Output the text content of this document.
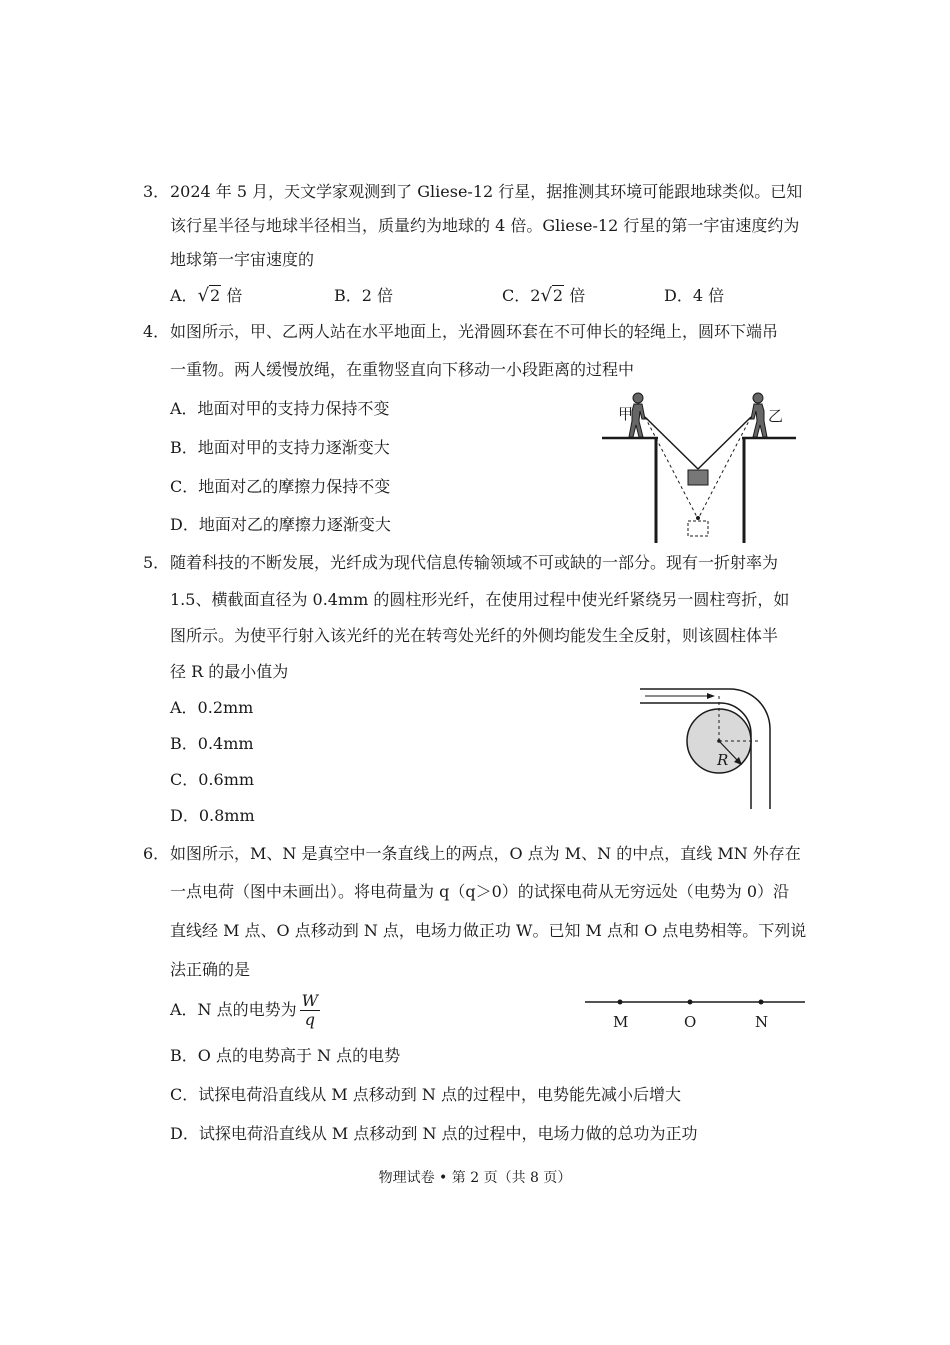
3． 2024 年 5 月，天文学家观测到了 Gliese-12 行星，据推测其环境可能跟地球类似。已知
该行星半径与地球半径相当，质量约为地球的 4 倍。Gliese-12 行星的第一宇宙速度约为
地球第一宇宙速度的
A．√2 倍	B．2 倍	C．2√2 倍	D．4 倍
4． 如图所示，甲、乙两人站在水平地面上，光滑圆环套在不可伸长的轻绳上，圆环下端吊
一重物。两人缓慢放绳，在重物竖直向下移动一小段距离的过程中
A．地面对甲的支持力保持不变
B．地面对甲的支持力逐渐变大
C．地面对乙的摩擦力保持不变
D．地面对乙的摩擦力逐渐变大
甲	乙
5． 随着科技的不断发展，光纤成为现代信息传输领域不可或缺的一部分。现有一折射率为
1.5、横截面直径为 0.4mm 的圆柱形光纤，在使用过程中使光纤紧绕另一圆柱弯折，如
图所示。为使平行射入该光纤的光在转弯处光纤的外侧均能发生全反射，则该圆柱体半
径 R 的最小值为
A．0.2mm
B．0.4mm
C．0.6mm
D．0.8mm
R
6． 如图所示，M、N 是真空中一条直线上的两点，O 点为 M、N 的中点，直线 MN 外存在
一点电荷（图中未画出）。将电荷量为 q（q＞0）的试探电荷从无穷远处（电势为 0）沿
直线经 M 点、O 点移动到 N 点，电场力做正功 W。已知 M 点和 O 点电势相等。下列说
法正确的是
A．N 点的电势为 $\frac{W}{q}$
B．O 点的电势高于 N 点的电势
C．试探电荷沿直线从 M 点移动到 N 点的过程中，电势能先减小后增大
D．试探电荷沿直线从 M 点移动到 N 点的过程中，电场力做的总功为正功
M	O	N
物理试卷 • 第 2 页（共 8 页）
